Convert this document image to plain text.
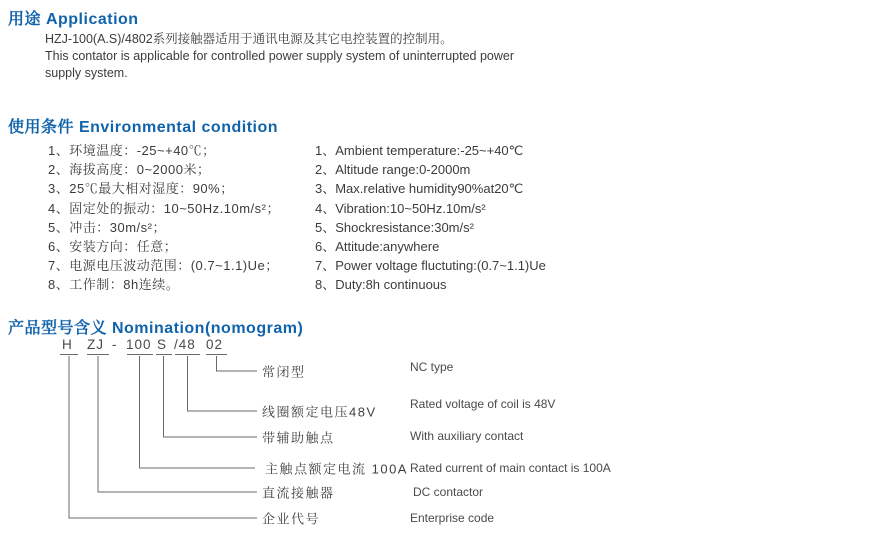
用途 Application
HZJ-100(A.S)/4802系列接触器适用于通讯电源及其它电控装置的控制用。
This contator is applicable for controlled power supply system of uninterrupted power
supply system.
使用条件 Environmental condition
1、环境温度：-25~+40℃；
2、海拔高度：0~2000米；
3、25℃最大相对湿度：90%；
4、固定处的振动：10~50Hz.10m/s²；
5、冲击：30m/s²；
6、安装方向：任意；
7、电源电压波动范围：(0.7~1.1)Ue；
8、工作制：8h连续。
1、Ambient temperature:-25~+40℃
2、Altitude range:0-2000m
3、Max.relative humidity90%at20℃
4、Vibration:10~50Hz.10m/s²
5、Shockresistance:30m/s²
6、Attitude:anywhere
7、Power voltage fluctuting:(0.7~1.1)Ue
8、Duty:8h continuous
产品型号含义 Nomination(nomogram)
H ZJ - 100 S /48 02
常闭型
线圈额定电压48V
带辅助触点
主触点额定电流 100A
直流接触器
企业代号
NC type
Rated voltage of coil is 48V
With auxiliary contact
Rated current of main contact is 100A
DC contactor
Enterprise code
